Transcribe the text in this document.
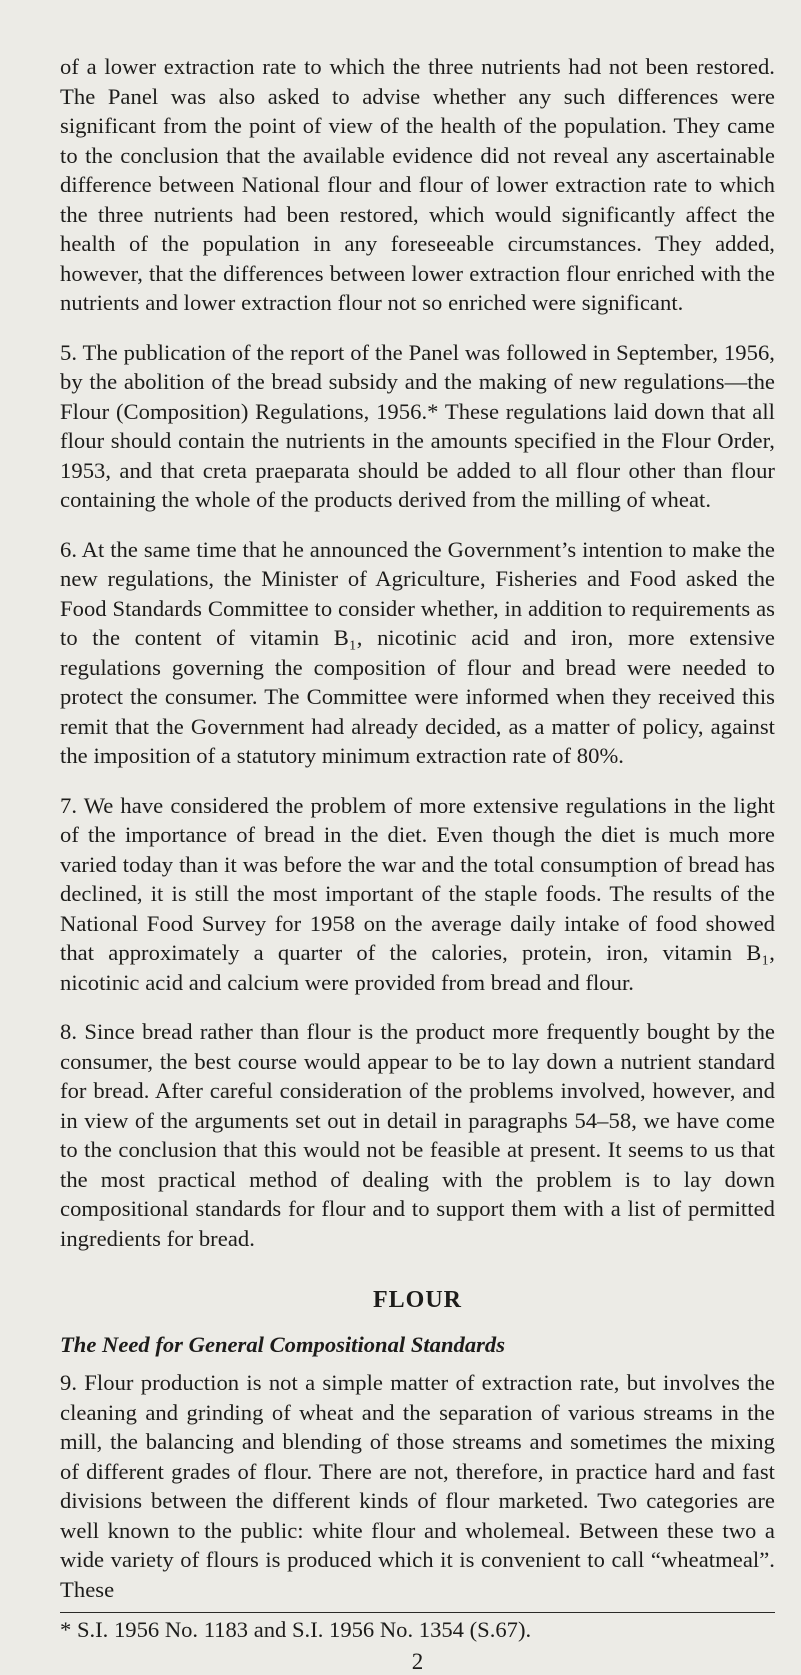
of a lower extraction rate to which the three nutrients had not been restored. The Panel was also asked to advise whether any such differences were significant from the point of view of the health of the population. They came to the conclusion that the available evidence did not reveal any ascertainable difference between National flour and flour of lower extraction rate to which the three nutrients had been restored, which would significantly affect the health of the population in any foreseeable circumstances. They added, however, that the differences between lower extraction flour enriched with the nutrients and lower extraction flour not so enriched were significant.

5. The publication of the report of the Panel was followed in September, 1956, by the abolition of the bread subsidy and the making of new regulations—the Flour (Composition) Regulations, 1956.* These regulations laid down that all flour should contain the nutrients in the amounts specified in the Flour Order, 1953, and that creta praeparata should be added to all flour other than flour containing the whole of the products derived from the milling of wheat.

6. At the same time that he announced the Government’s intention to make the new regulations, the Minister of Agriculture, Fisheries and Food asked the Food Standards Committee to consider whether, in addition to requirements as to the content of vitamin B₁, nicotinic acid and iron, more extensive regulations governing the composition of flour and bread were needed to protect the consumer. The Committee were informed when they received this remit that the Government had already decided, as a matter of policy, against the imposition of a statutory minimum extraction rate of 80%.

7. We have considered the problem of more extensive regulations in the light of the importance of bread in the diet. Even though the diet is much more varied today than it was before the war and the total consumption of bread has declined, it is still the most important of the staple foods. The results of the National Food Survey for 1958 on the average daily intake of food showed that approximately a quarter of the calories, protein, iron, vitamin B₁, nicotinic acid and calcium were provided from bread and flour.

8. Since bread rather than flour is the product more frequently bought by the consumer, the best course would appear to be to lay down a nutrient standard for bread. After careful consideration of the problems involved, however, and in view of the arguments set out in detail in paragraphs 54–58, we have come to the conclusion that this would not be feasible at present. It seems to us that the most practical method of dealing with the problem is to lay down compositional standards for flour and to support them with a list of permitted ingredients for bread.

FLOUR
The Need for General Compositional Standards

9. Flour production is not a simple matter of extraction rate, but involves the cleaning and grinding of wheat and the separation of various streams in the mill, the balancing and blending of those streams and sometimes the mixing of different grades of flour. There are not, therefore, in practice hard and fast divisions between the different kinds of flour marketed. Two categories are well known to the public: white flour and wholemeal. Between these two a wide variety of flours is produced which it is convenient to call “wheatmeal”. These

* S.I. 1956 No. 1183 and S.I. 1956 No. 1354 (S.67).

2
